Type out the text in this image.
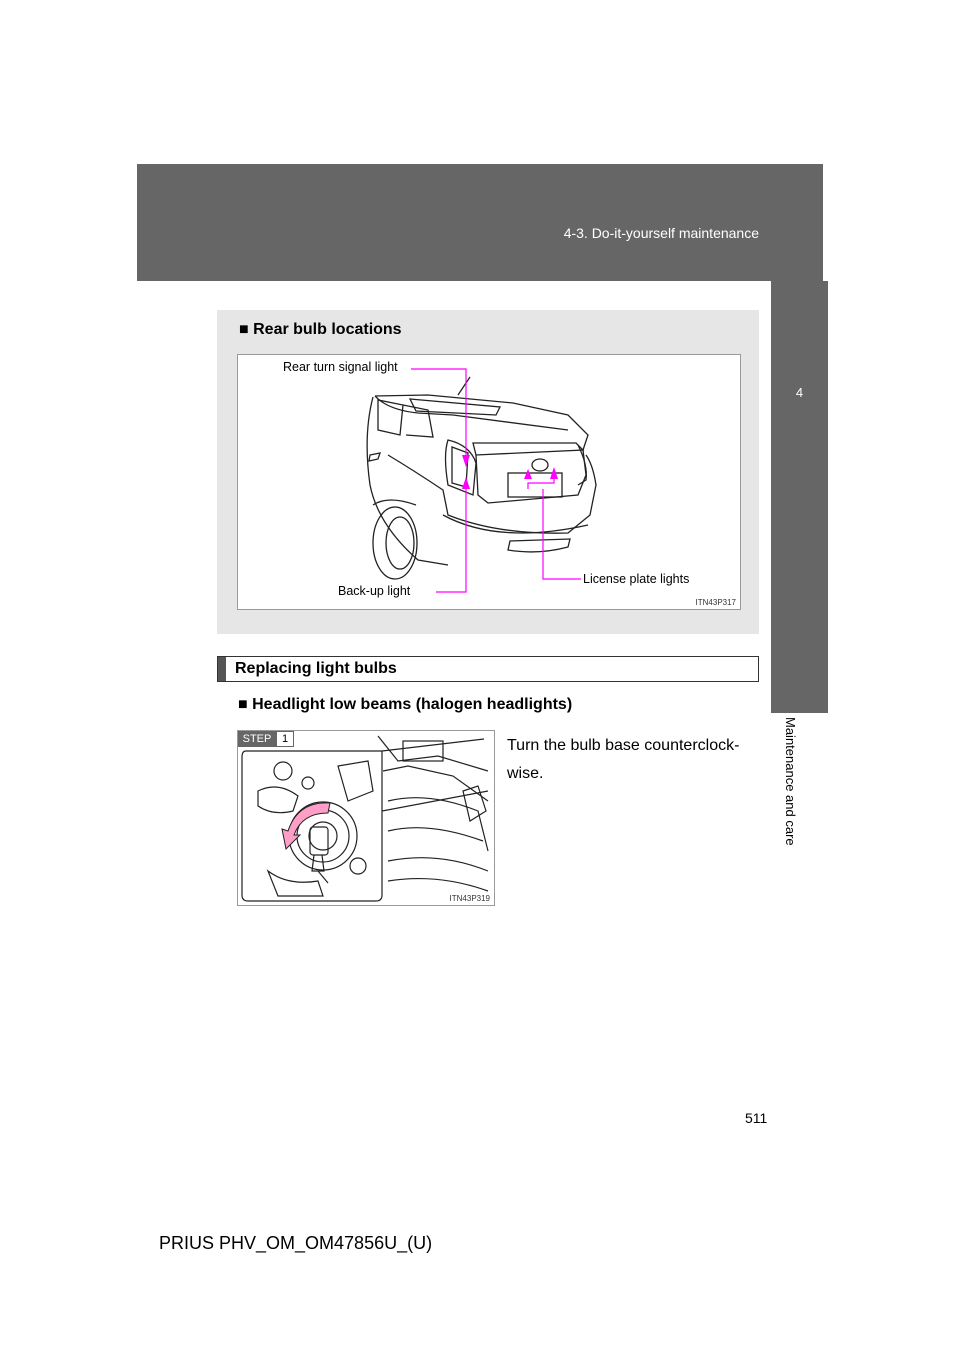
4-3. Do-it-yourself maintenance
4
Maintenance and care
■ Rear bulb locations
Rear turn signal light
Back-up light
License plate lights
ITN43P317
Replacing light bulbs
■ Headlight low beams (halogen headlights)
STEP 1
ITN43P319
Turn the bulb base counterclock-wise.
511
PRIUS PHV_OM_OM47856U_(U)
